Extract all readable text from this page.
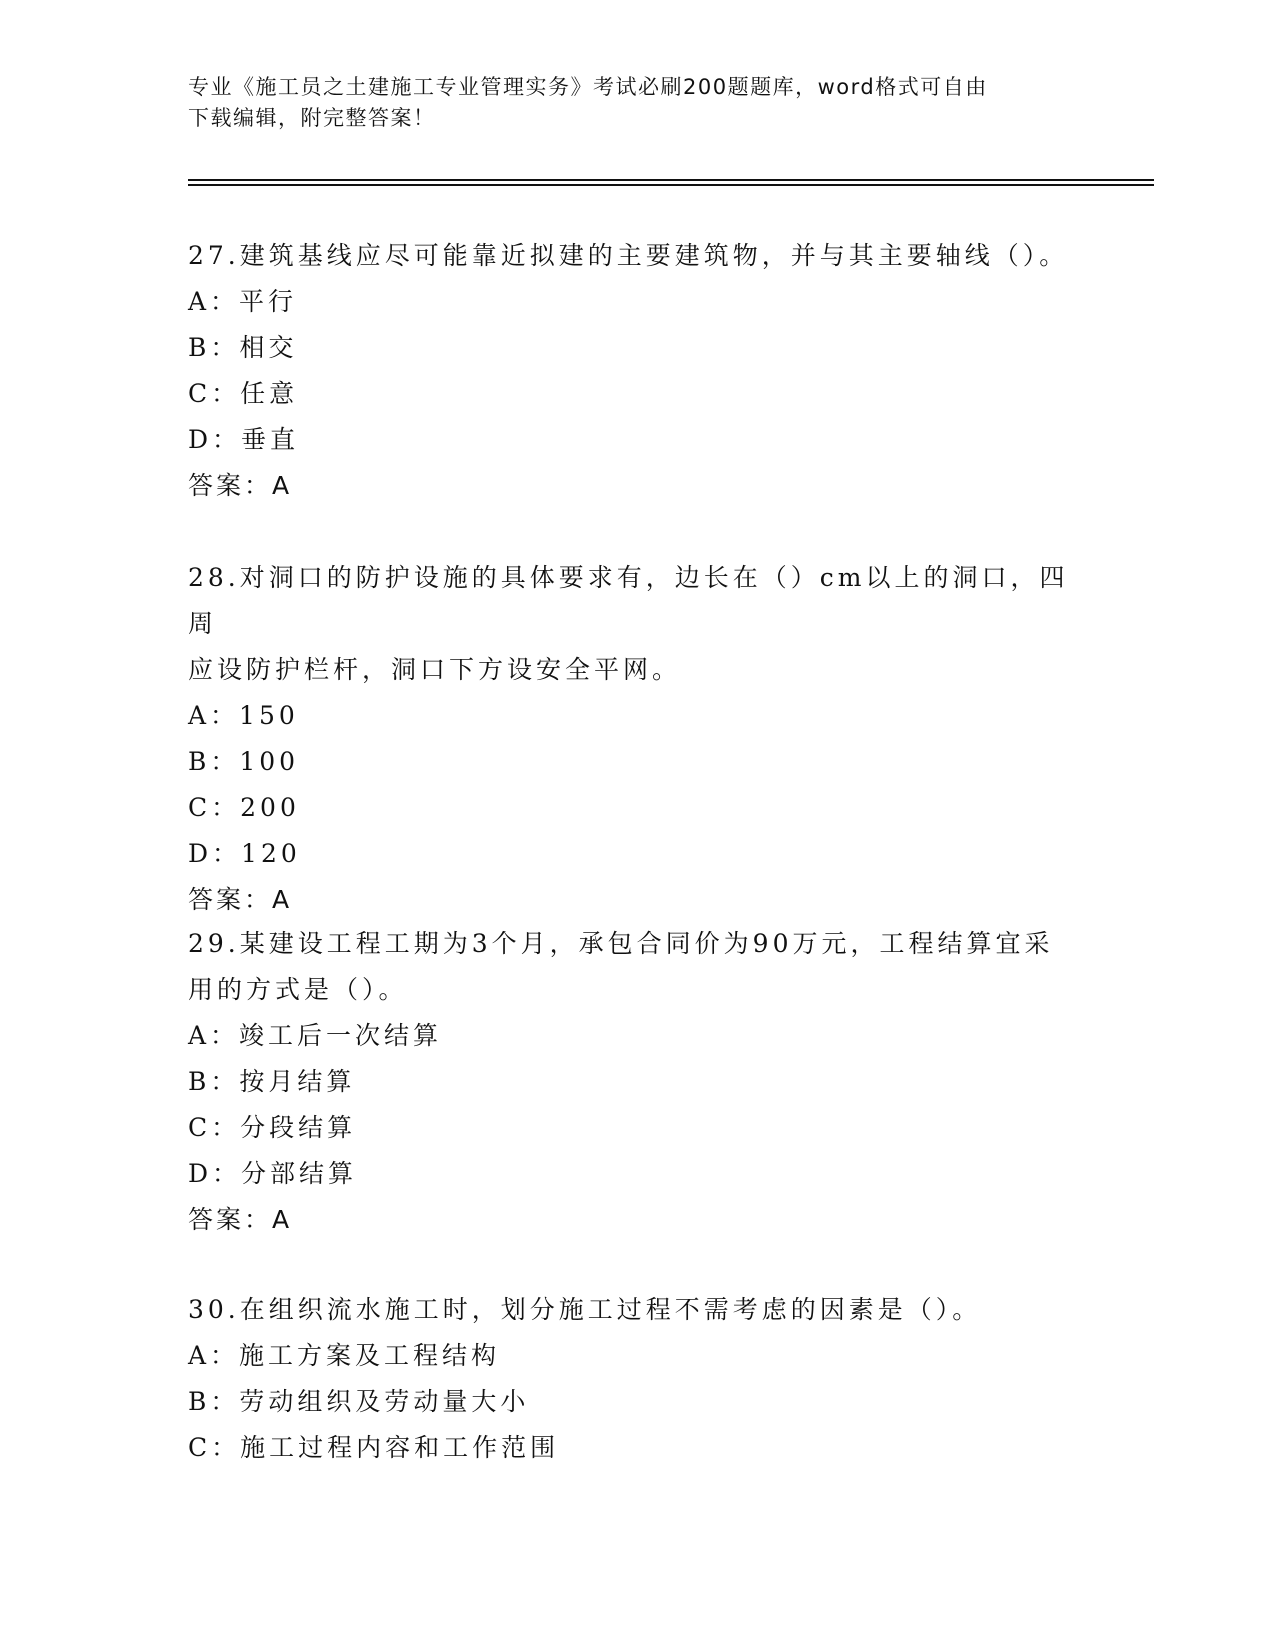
专业《施工员之土建施工专业管理实务》考试必刷200题题库，word格式可自由
下载编辑，附完整答案！
27.建筑基线应尽可能靠近拟建的主要建筑物，并与其主要轴线（）。
A：平行
B：相交
C：任意
D：垂直
答案：A
28.对洞口的防护设施的具体要求有，边长在（）cm以上的洞口，四周
应设防护栏杆，洞口下方设安全平网。
A：150
B：100
C：200
D：120
答案：A
29.某建设工程工期为3个月，承包合同价为90万元，工程结算宜采
用的方式是（）。
A：竣工后一次结算
B：按月结算
C：分段结算
D：分部结算
答案：A
30.在组织流水施工时，划分施工过程不需考虑的因素是（）。
A：施工方案及工程结构
B：劳动组织及劳动量大小
C：施工过程内容和工作范围
